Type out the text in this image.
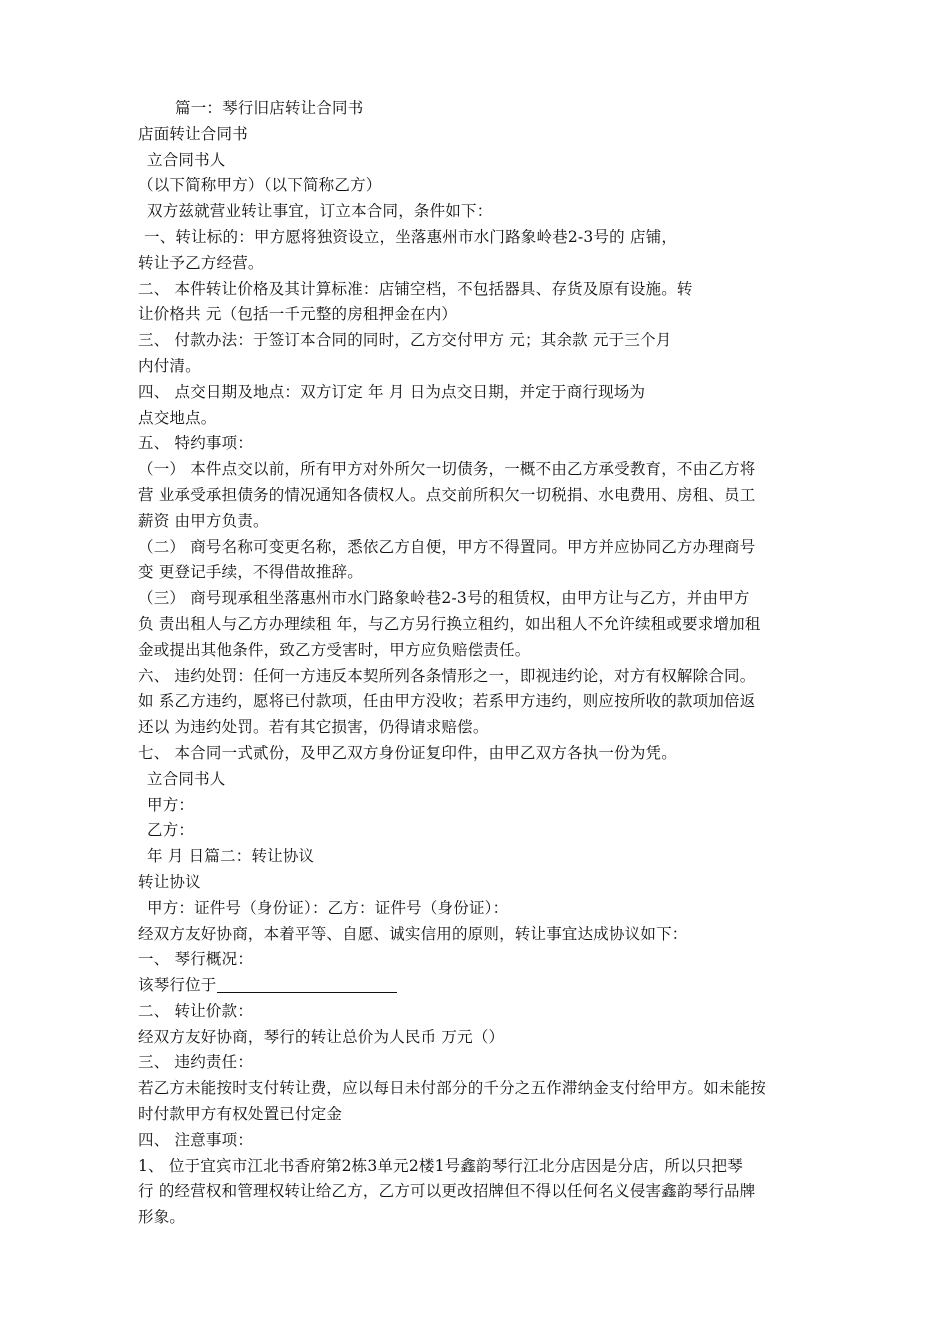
篇一：琴行旧店转让合同书
店面转让合同书
立合同书人
（以下简称甲方）（以下简称乙方）
双方兹就营业转让事宜，订立本合同，条件如下：
一、转让标的：甲方愿将独资设立，坐落惠州市水门路象岭巷2-3号的 店铺，
转让予乙方经营。
二、 本件转让价格及其计算标准：店铺空档，不包括器具、存货及原有设施。转
让价格共 元（包括一千元整的房租押金在内）
三、 付款办法：于签订本合同的同时，乙方交付甲方 元；其余款 元于三个月
内付清。
四、 点交日期及地点：双方订定 年 月 日为点交日期，并定于商行现场为
点交地点。
五、 特约事项：
（一） 本件点交以前，所有甲方对外所欠一切债务，一概不由乙方承受教育，不由乙方将
营 业承受承担债务的情况通知各债权人。点交前所积欠一切税捐、水电费用、房租、员工
薪资 由甲方负责。
（二） 商号名称可变更名称，悉依乙方自便，甲方不得置同。甲方并应协同乙方办理商号
变 更登记手续，不得借故推辞。
（三） 商号现承租坐落惠州市水门路象岭巷2-3号的租赁权，由甲方让与乙方，并由甲方
负 责出租人与乙方办理续租 年，与乙方另行换立租约，如出租人不允许续租或要求增加租
金或提出其他条件，致乙方受害时，甲方应负赔偿责任。
六、 违约处罚：任何一方违反本契所列各条情形之一，即视违约论，对方有权解除合同。
如 系乙方违约，愿将已付款项，任由甲方没收；若系甲方违约，则应按所收的款项加倍返
还以 为违约处罚。若有其它损害，仍得请求赔偿。
七、 本合同一式贰份，及甲乙双方身份证复印件，由甲乙双方各执一份为凭。
立合同书人
甲方：
乙方：
年 月 日篇二：转让协议
转让协议
甲方：证件号（身份证）：乙方：证件号（身份证）：
经双方友好协商，本着平等、自愿、诚实信用的原则，转让事宜达成协议如下：
一、 琴行概况：
该琴行位于
二、 转让价款：
经双方友好协商，琴行的转让总价为人民币 万元（）
三、 违约责任：
若乙方未能按时支付转让费，应以每日未付部分的千分之五作滞纳金支付给甲方。如未能按
时付款甲方有权处置已付定金
四、 注意事项：
1、 位于宜宾市江北书香府第2栋3单元2楼1号鑫韵琴行江北分店因是分店，所以只把琴
行 的经营权和管理权转让给乙方，乙方可以更改招牌但不得以任何名义侵害鑫韵琴行品牌
形象。
